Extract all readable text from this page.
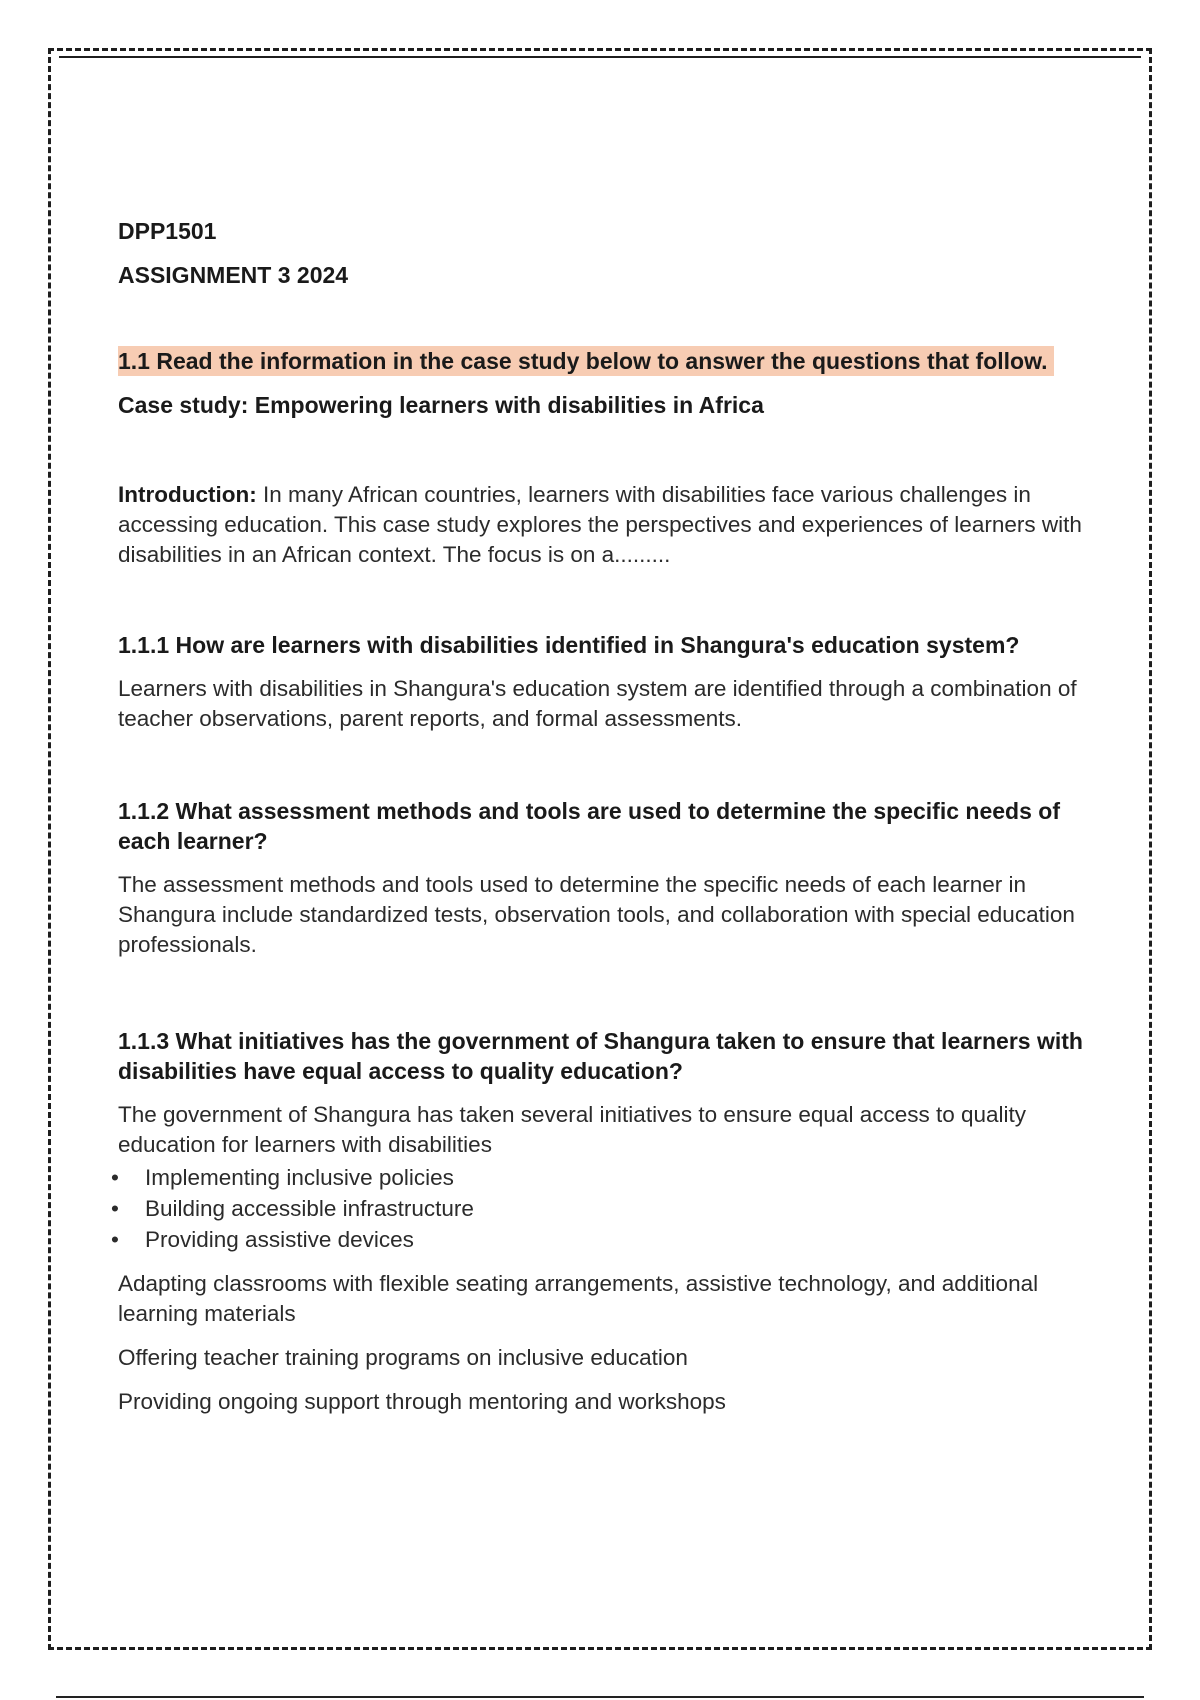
DPP1501

ASSIGNMENT 3 2024

1.1 Read the information in the case study below to answer the questions that follow.

Case study: Empowering learners with disabilities in Africa

Introduction: In many African countries, learners with disabilities face various challenges in accessing education. This case study explores the perspectives and experiences of learners with disabilities in an African context. The focus is on a.........

1.1.1 How are learners with disabilities identified in Shangura's education system?

Learners with disabilities in Shangura's education system are identified through a combination of teacher observations, parent reports, and formal assessments.

1.1.2 What assessment methods and tools are used to determine the specific needs of each learner?

The assessment methods and tools used to determine the specific needs of each learner in Shangura include standardized tests, observation tools, and collaboration with special education professionals.

1.1.3 What initiatives has the government of Shangura taken to ensure that learners with disabilities have equal access to quality education?

The government of Shangura has taken several initiatives to ensure equal access to quality education for learners with disabilities

• Implementing inclusive policies
• Building accessible infrastructure
• Providing assistive devices

Adapting classrooms with flexible seating arrangements, assistive technology, and additional learning materials

Offering teacher training programs on inclusive education

Providing ongoing support through mentoring and workshops
